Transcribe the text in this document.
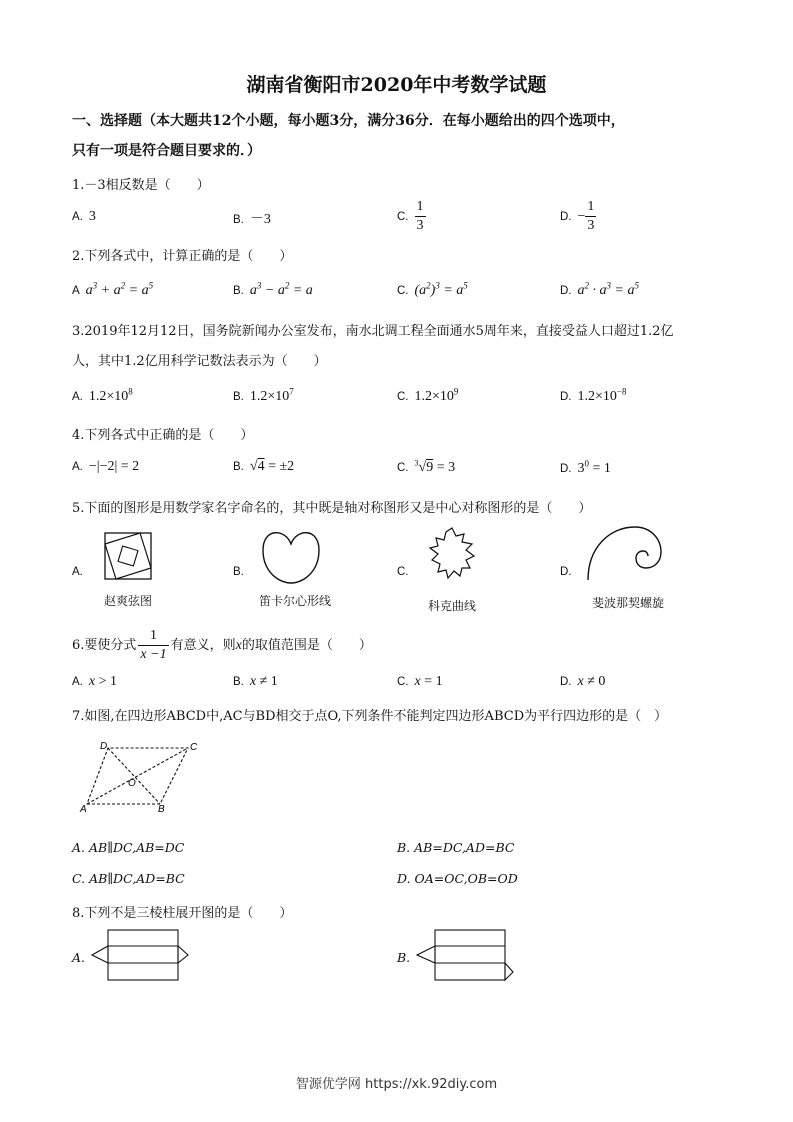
湖南省衡阳市2020年中考数学试题
一、选择题（本大题共12个小题，每小题3分，满分36分．在每小题给出的四个选项中，
只有一项是符合题目要求的．）
1.－3相反数是（　　）
A. 3	B. －3	C. $\frac{1}{3}$	D. − $\frac{1}{3}$
2.下列各式中，计算正确的是（　　）
A $a^3 + a^2 = a^5$	B. $a^3 - a^2 = a$	C. $(a^2)^3 = a^5$	D. $a^2 \cdot a^3 = a^5$
3.2019年12月12日，国务院新闻办公室发布，南水北调工程全面通水5周年来，直接受益人口超过1.2亿
人，其中1.2亿用科学记数法表示为（　　）
A. $1.2\times 10^8$	B. $1.2\times 10^7$	C. $1.2\times 10^9$	D. $1.2\times 10^{-8}$
4.下列各式中正确的是（　　）
A. −|−2| = 2	B. √4 = ±2	C. $^3$√9 = 3	D. $3^0 = 1$
5.下面的图形是用数学家名字命名的，其中既是轴对称图形又是中心对称图形的是（　　）
A.	B.	C.	D.
赵爽弦图	笛卡尔心形线	科克曲线	斐波那契螺旋
6.要使分式 $\frac{1}{x -1}$ 有意义，则x的取值范围是（　　）
A. x > 1	B. x ≠ 1	C. x = 1	D. x ≠ 0
7.如图,在四边形ABCD中,AC与BD相交于点O,下列条件不能判定四边形ABCD为平行四边形的是（　）
D	C
O
A	B
A. AB∥DC,AB=DC	B. AB=DC,AD=BC
C. AB∥DC,AD=BC	D. OA=OC,OB=OD
8.下列不是三棱柱展开图的是（　　）
A.	B.
智源优学网 https://xk.92diy.com
